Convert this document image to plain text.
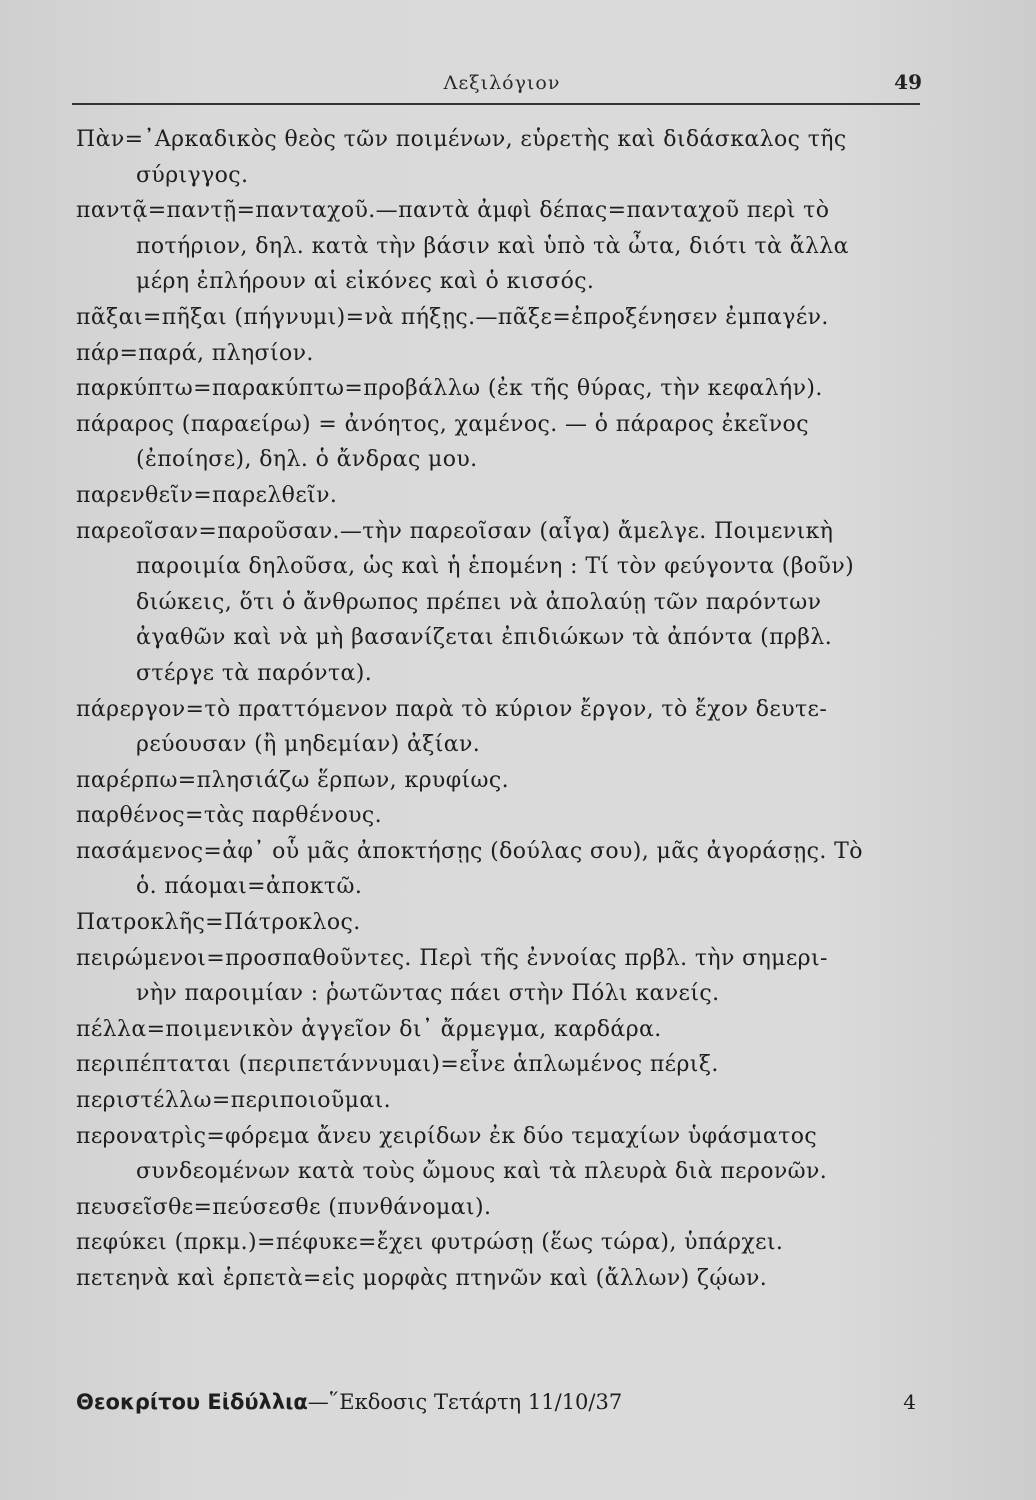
Λεξιλόγιον	49
Πὰν=᾿Αρκαδικὸς θεὸς τῶν ποιμένων, εὑρετὴς καὶ διδάσκαλος τῆς
σύριγγος.
παντᾷ=παντῇ=πανταχοῦ.—παντὰ ἀμφὶ δέπας=πανταχοῦ περὶ τὸ
ποτήριον, δηλ. κατὰ τὴν βάσιν καὶ ὑπὸ τὰ ὦτα, διότι τὰ ἄλλα
μέρη ἐπλήρουν αἱ εἰκόνες καὶ ὁ κισσός.
πᾶξαι=πῆξαι (πήγνυμι)=νὰ πήξῃς.—πᾶξε=ἐπροξένησεν ἐμπαγέν.
πάρ=παρά, πλησίον.
παρκύπτω=παρακύπτω=προβάλλω (ἐκ τῆς θύρας, τὴν κεφαλήν).
πάραρος (παραείρω) = ἀνόητος, χαμένος. — ὁ πάραρος ἐκεῖνος
(ἐποίησε), δηλ. ὁ ἄνδρας μου.
παρενθεῖν=παρελθεῖν.
παρεοῖσαν=παροῦσαν.—τὴν παρεοῖσαν (αἶγα) ἄμελγε. Ποιμενικὴ
παροιμία δηλοῦσα, ὡς καὶ ἡ ἑπομένη : Τί τὸν φεύγοντα (βοῦν)
διώκεις, ὅτι ὁ ἄνθρωπος πρέπει νὰ ἀπολαύῃ τῶν παρόντων
ἀγαθῶν καὶ νὰ μὴ βασανίζεται ἐπιδιώκων τὰ ἀπόντα (πρβλ.
στέργε τὰ παρόντα).
πάρεργον=τὸ πραττόμενον παρὰ τὸ κύριον ἔργον, τὸ ἔχον δευτε-
ρεύουσαν (ἢ μηδεμίαν) ἀξίαν.
παρέρπω=πλησιάζω ἕρπων, κρυφίως.
παρθένος=τὰς παρθένους.
πασάμενος=ἀφ᾿ οὗ μᾶς ἀποκτήσῃς (δούλας σου), μᾶς ἀγοράσῃς. Τὸ
ὁ. πάομαι=ἀποκτῶ.
Πατροκλῆς=Πάτροκλος.
πειρώμενοι=προσπαθοῦντες. Περὶ τῆς ἐννοίας πρβλ. τὴν σημερι-
νὴν παροιμίαν : ῥωτῶντας πάει στὴν Πόλι κανείς.
πέλλα=ποιμενικὸν ἀγγεῖον δι᾿ ἄρμεγμα, καρδάρα.
περιπέπταται (περιπετάννυμαι)=εἶνε ἁπλωμένος πέριξ.
περιστέλλω=περιποιοῦμαι.
περονατρὶς=φόρεμα ἄνευ χειρίδων ἐκ δύο τεμαχίων ὑφάσματος
συνδεομένων κατὰ τοὺς ὤμους καὶ τὰ πλευρὰ διὰ περονῶν.
πευσεῖσθε=πεύσεσθε (πυνθάνομαι).
πεφύκει (πρκμ.)=πέφυκε=ἔχει φυτρώσῃ (ἕως τώρα), ὑπάρχει.
πετεηνὰ καὶ ἑρπετὰ=εἰς μορφὰς πτηνῶν καὶ (ἄλλων) ζῴων.
Θεοκρίτου Εἰδύλλια—῞Εκδοσις Τετάρτη 11/10/37	4
